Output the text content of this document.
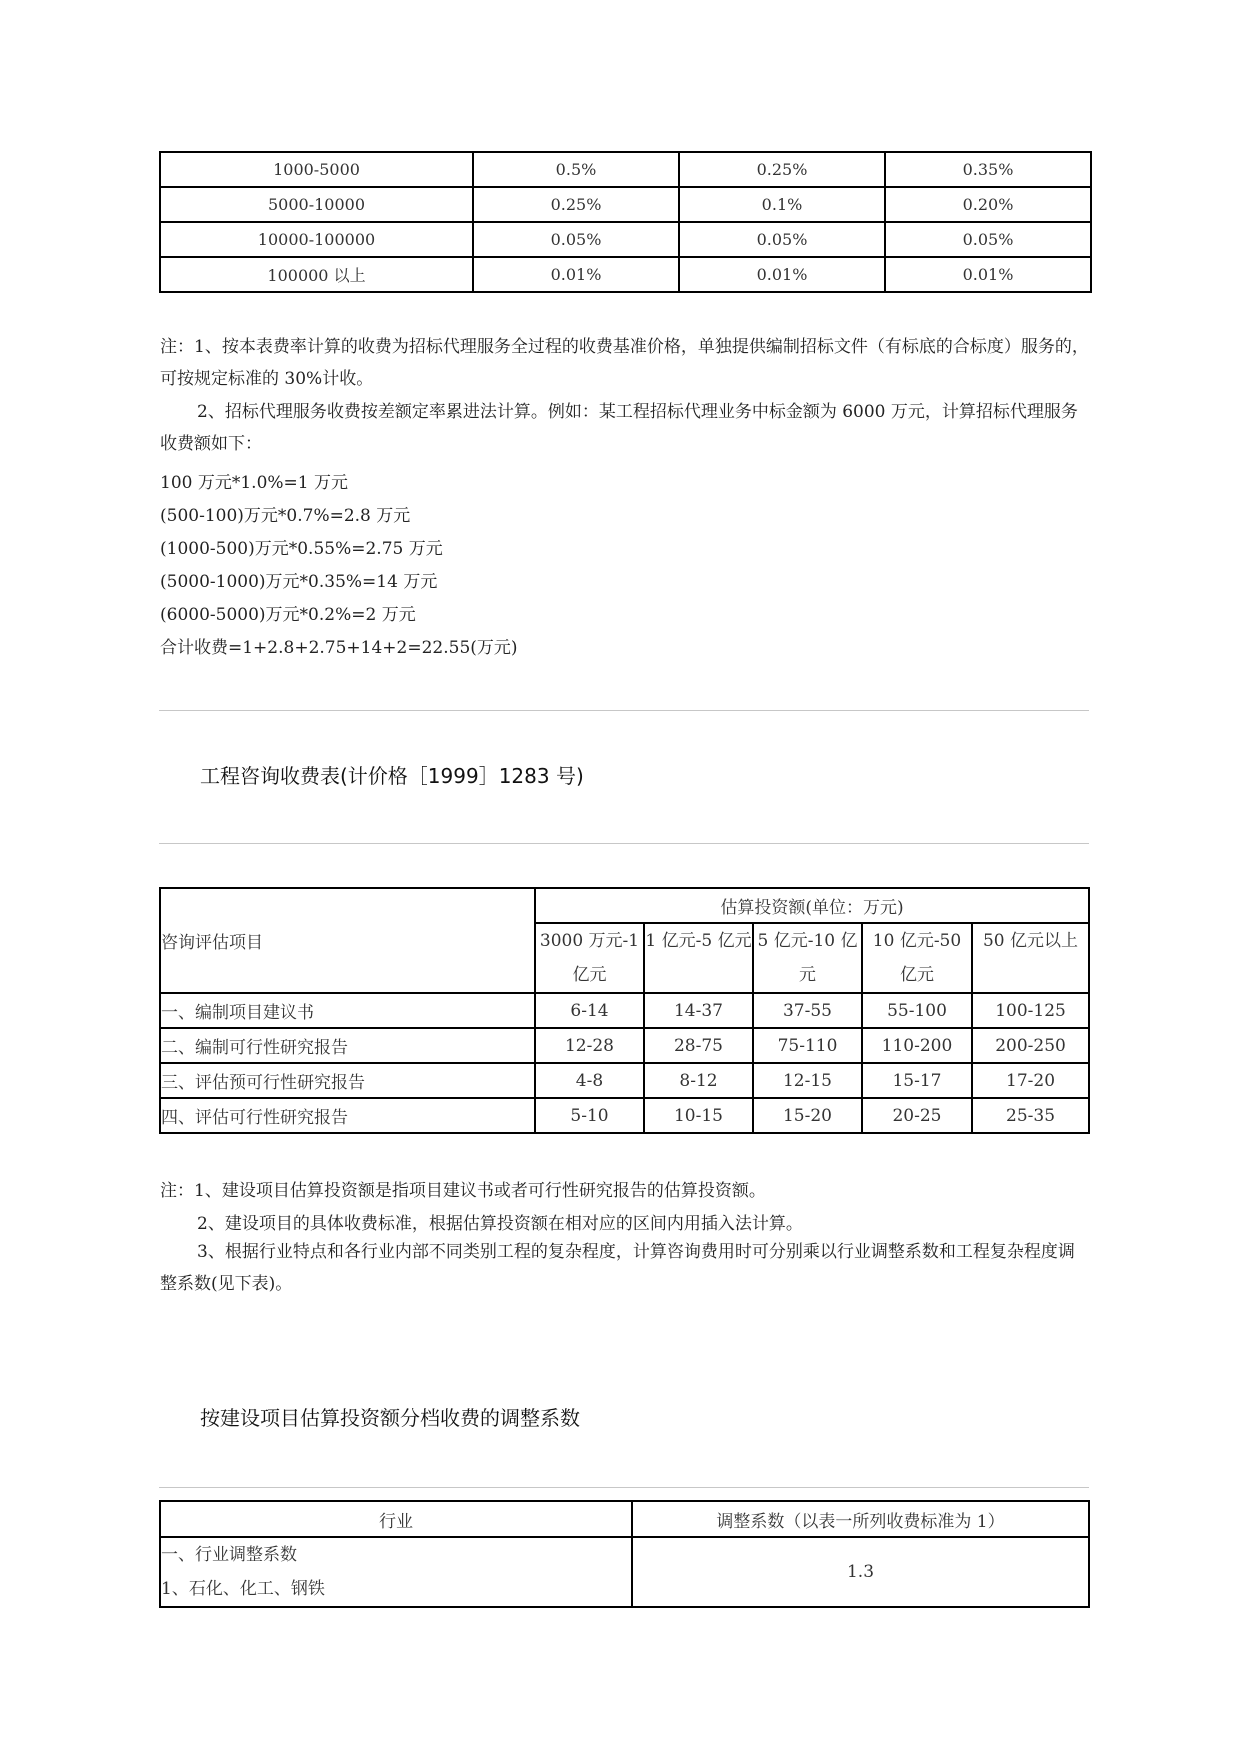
1000-5000	0.5%	0.25%	0.35%
5000-10000	0.25%	0.1%	0.20%
10000-100000	0.05%	0.05%	0.05%
100000 以上	0.01%	0.01%	0.01%
注：1、按本表费率计算的收费为招标代理服务全过程的收费基准价格，单独提供编制招标文件（有标底的合标度）服务的，可按规定标准的 30%计收。
2、招标代理服务收费按差额定率累进法计算。例如：某工程招标代理业务中标金额为 6000 万元，计算招标代理服务收费额如下：
100 万元*1.0%=1 万元
(500-100)万元*0.7%=2.8 万元
(1000-500)万元*0.55%=2.75 万元
(5000-1000)万元*0.35%=14 万元
(6000-5000)万元*0.2%=2 万元
合计收费=1+2.8+2.75+14+2=22.55(万元)
工程咨询收费表(计价格［1999］1283 号)
咨询评估项目	估算投资额(单位：万元)				
	3000 万元-1 亿元	1 亿元-5 亿元	5 亿元-10 亿元	10 亿元-50 亿元	50 亿元以上
一、编制项目建议书	6-14	14-37	37-55	55-100	100-125
二、编制可行性研究报告	12-28	28-75	75-110	110-200	200-250
三、评估预可行性研究报告	4-8	8-12	12-15	15-17	17-20
四、评估可行性研究报告	5-10	10-15	15-20	20-25	25-35
注：1、建设项目估算投资额是指项目建议书或者可行性研究报告的估算投资额。
2、建设项目的具体收费标准，根据估算投资额在相对应的区间内用插入法计算。
3、根据行业特点和各行业内部不同类别工程的复杂程度，计算咨询费用时可分别乘以行业调整系数和工程复杂程度调整系数(见下表)。
按建设项目估算投资额分档收费的调整系数
行业	调整系数（以表一所列收费标准为 1）

一、行业调整系数
1、石化、化工、钢铁	1.3
